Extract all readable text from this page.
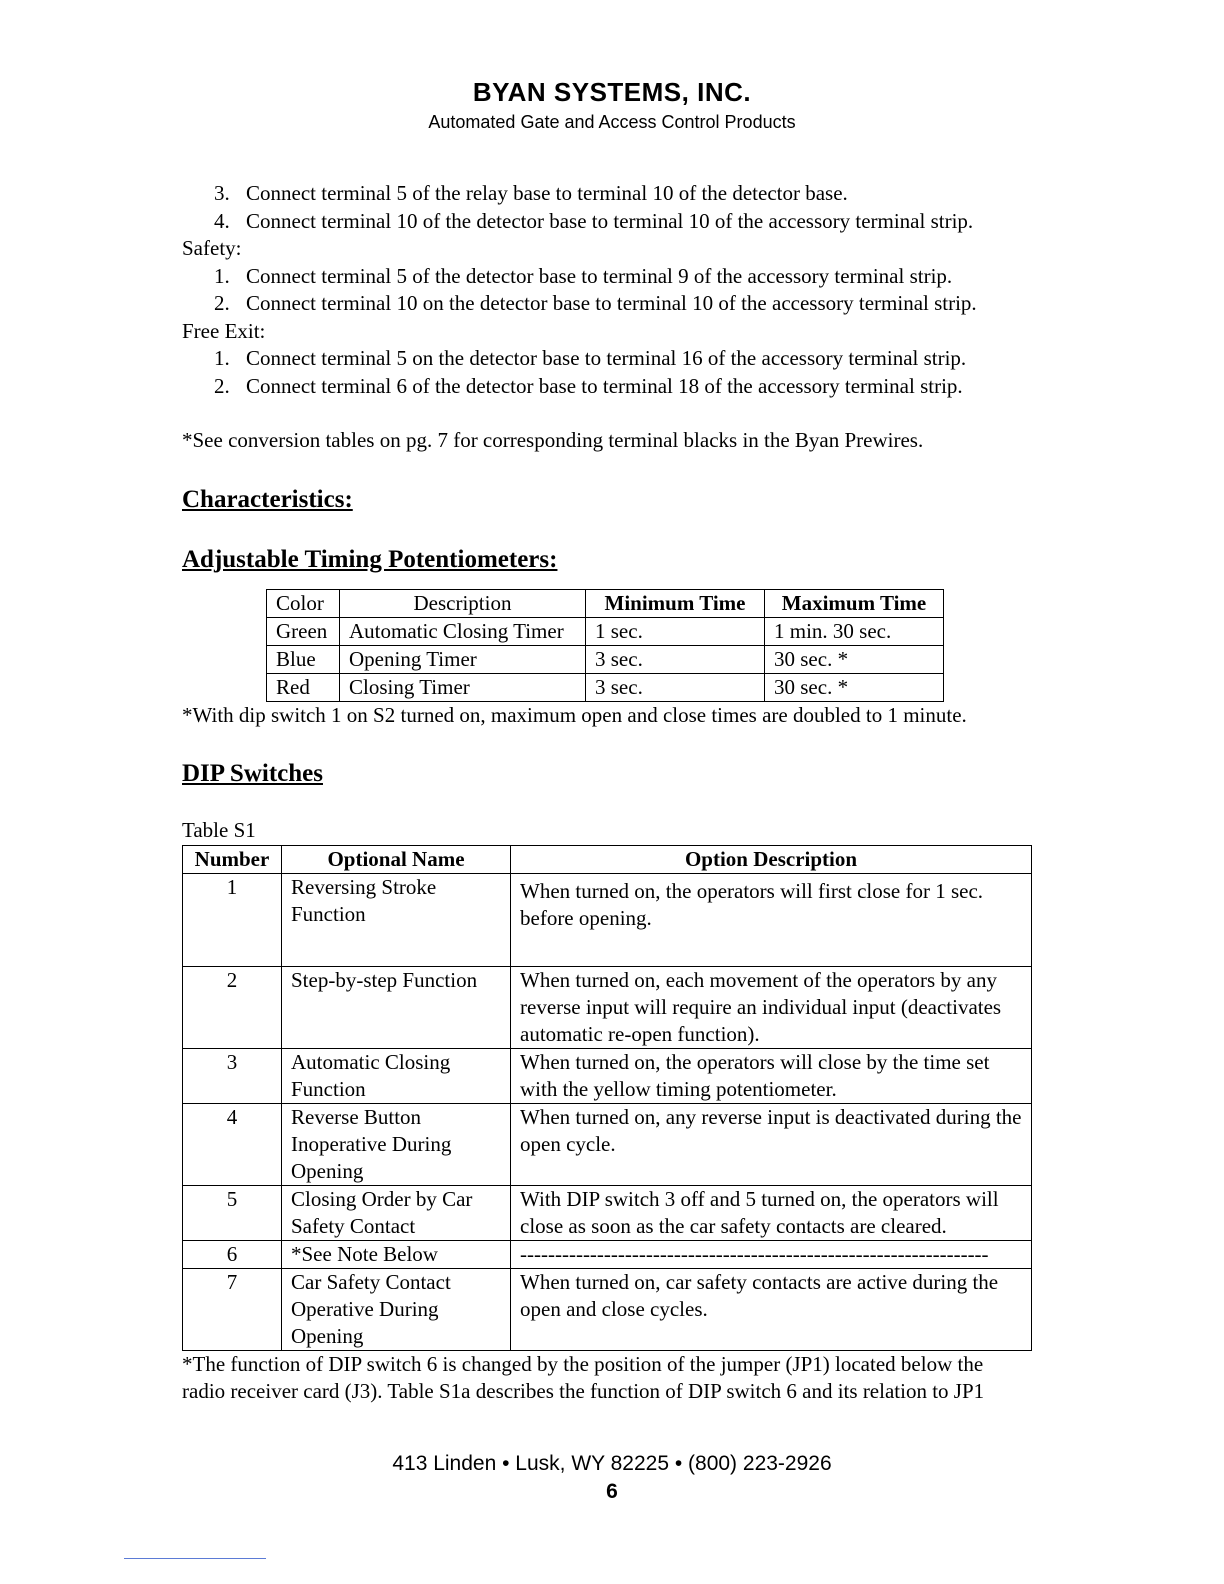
BYAN SYSTEMS, INC.
Automated Gate and Access Control Products
3. Connect terminal 5 of the relay base to terminal 10 of the detector base.
4. Connect terminal 10 of the detector base to terminal 10 of the accessory terminal strip.
Safety:
1. Connect terminal 5 of the detector base to terminal 9 of the accessory terminal strip.
2. Connect terminal 10 on the detector base to terminal 10 of the accessory terminal strip.
Free Exit:
1. Connect terminal 5 on the detector base to terminal 16 of the accessory terminal strip.
2. Connect terminal 6 of the detector base to terminal 18 of the accessory terminal strip.
*See conversion tables on pg. 7 for corresponding terminal blacks in the Byan Prewires.
Characteristics:
Adjustable Timing Potentiometers:
Color	Description	Minimum Time	Maximum Time
Green	Automatic Closing Timer	1 sec.	1 min. 30 sec.
Blue	Opening Timer	3 sec.	30 sec. *
Red	Closing Timer	3 sec.	30 sec. *
*With dip switch 1 on S2 turned on, maximum open and close times are doubled to 1 minute.
DIP Switches
Table S1
Number	Optional Name	Option Description
1	Reversing Stroke Function	When turned on, the operators will first close for 1 sec. before opening.
2	Step-by-step Function	When turned on, each movement of the operators by any reverse input will require an individual input (deactivates automatic re-open function).
3	Automatic Closing Function	When turned on, the operators will close by the time set with the yellow timing potentiometer.
4	Reverse Button Inoperative During Opening	When turned on, any reverse input is deactivated during the open cycle.
5	Closing Order by Car Safety Contact	With DIP switch 3 off and 5 turned on, the operators will close as soon as the car safety contacts are cleared.
6	*See Note Below	-------------------------------------------------------------------
7	Car Safety Contact Operative During Opening	When turned on, car safety contacts are active during the open and close cycles.
*The function of DIP switch 6 is changed by the position of the jumper (JP1) located below the
radio receiver card (J3). Table S1a describes the function of DIP switch 6 and its relation to JP1
413 Linden • Lusk, WY 82225 • (800) 223-2926
6
